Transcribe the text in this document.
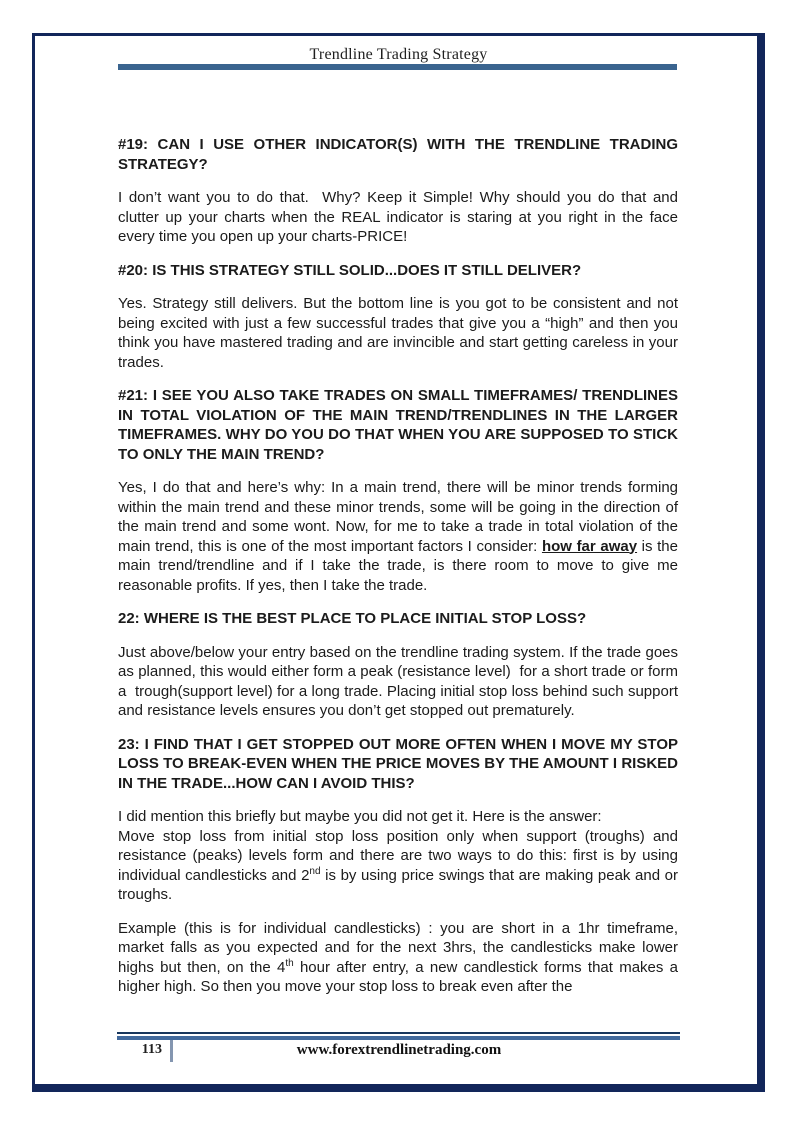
Trendline Trading Strategy

#19: CAN I USE OTHER INDICATOR(S) WITH THE TRENDLINE TRADING STRATEGY?

I don’t want you to do that.  Why? Keep it Simple! Why should you do that and clutter up your charts when the REAL indicator is staring at you right in the face every time you open up your charts-PRICE!

#20: IS THIS STRATEGY STILL SOLID...DOES IT STILL DELIVER?

Yes. Strategy still delivers. But the bottom line is you got to be consistent and not being excited with just a few successful trades that give you a “high” and then you think you have mastered trading and are invincible and start getting careless in your trades.

#21: I SEE YOU ALSO TAKE TRADES ON SMALL TIMEFRAMES/ TRENDLINES IN TOTAL VIOLATION OF THE MAIN TREND/TRENDLINES IN THE LARGER TIMEFRAMES. WHY DO YOU DO THAT WHEN YOU ARE SUPPOSED TO STICK TO ONLY THE MAIN TREND?

Yes, I do that and here’s why: In a main trend, there will be minor trends forming within the main trend and these minor trends, some will be going in the direction of the main trend and some wont. Now, for me to take a trade in total violation of the main trend, this is one of the most important factors I consider: how far away is the main trend/trendline and if I take the trade, is there room to move to give me reasonable profits. If yes, then I take the trade.

22: WHERE IS THE BEST PLACE TO PLACE INITIAL STOP LOSS?

Just above/below your entry based on the trendline trading system. If the trade goes as planned, this would either form a peak (resistance level)  for a short trade or form a  trough(support level) for a long trade. Placing initial stop loss behind such support and resistance levels ensures you don’t get stopped out prematurely.

23: I FIND THAT I GET STOPPED OUT MORE OFTEN WHEN I MOVE MY STOP LOSS TO BREAK-EVEN WHEN THE PRICE MOVES BY THE AMOUNT I RISKED IN THE TRADE...HOW CAN I AVOID THIS?

I did mention this briefly but maybe you did not get it. Here is the answer:
Move stop loss from initial stop loss position only when support (troughs) and resistance (peaks) levels form and there are two ways to do this: first is by using individual candlesticks and 2nd is by using price swings that are making peak and or troughs.

Example (this is for individual candlesticks) : you are short in a 1hr timeframe, market falls as you expected and for the next 3hrs, the candlesticks make lower highs but then, on the 4th hour after entry, a new candlestick forms that makes a higher high. So then you move your stop loss to break even after the

113	www.forextrendlinetrading.com
